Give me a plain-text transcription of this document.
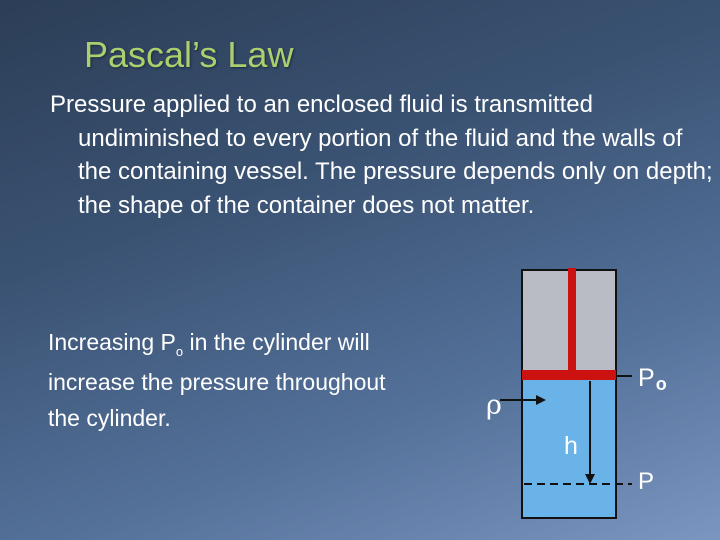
Pascal’s Law

Pressure applied to an enclosed fluid is transmitted undiminished to every portion of the fluid and the walls of the containing vessel. The pressure depends only on depth; the shape of the container does not matter.

Increasing $P_o$ in the cylinder will increase the pressure throughout the cylinder.	ρ
Po
h
P
